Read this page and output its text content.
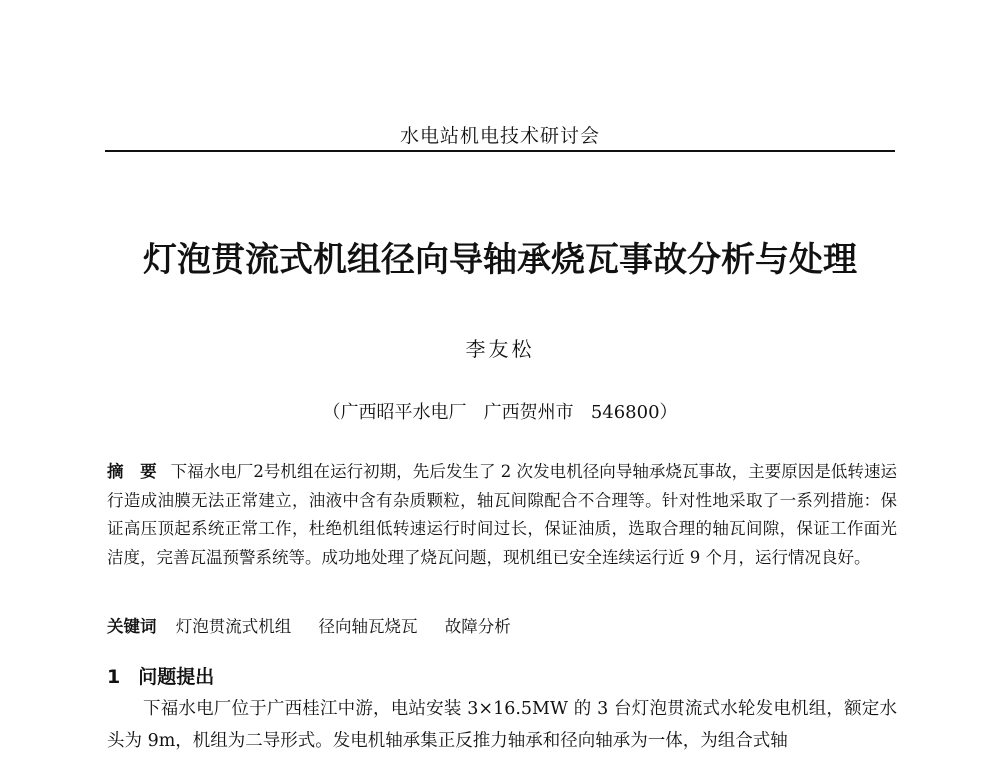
水电站机电技术研讨会
灯泡贯流式机组径向导轴承烧瓦事故分析与处理
李友松
（广西昭平水电厂 广西贺州市 546800）
摘　要 下福水电厂2号机组在运行初期，先后发生了 2 次发电机径向导轴承烧瓦事故，主要原因是低转速运行造成油膜无法正常建立，油液中含有杂质颗粒，轴瓦间隙配合不合理等。针对性地采取了一系列措施：保证高压顶起系统正常工作，杜绝机组低转速运行时间过长，保证油质，选取合理的轴瓦间隙，保证工作面光洁度，完善瓦温预警系统等。成功地处理了烧瓦问题，现机组已安全连续运行近 9 个月，运行情况良好。
关键词 灯泡贯流式机组 径向轴瓦烧瓦 故障分析
1 问题提出
下福水电厂位于广西桂江中游，电站安装 3×16.5MW 的 3 台灯泡贯流式水轮发电机组，额定水头为 9m，机组为二导形式。发电机轴承集正反推力轴承和径向轴承为一体，为组合式轴
